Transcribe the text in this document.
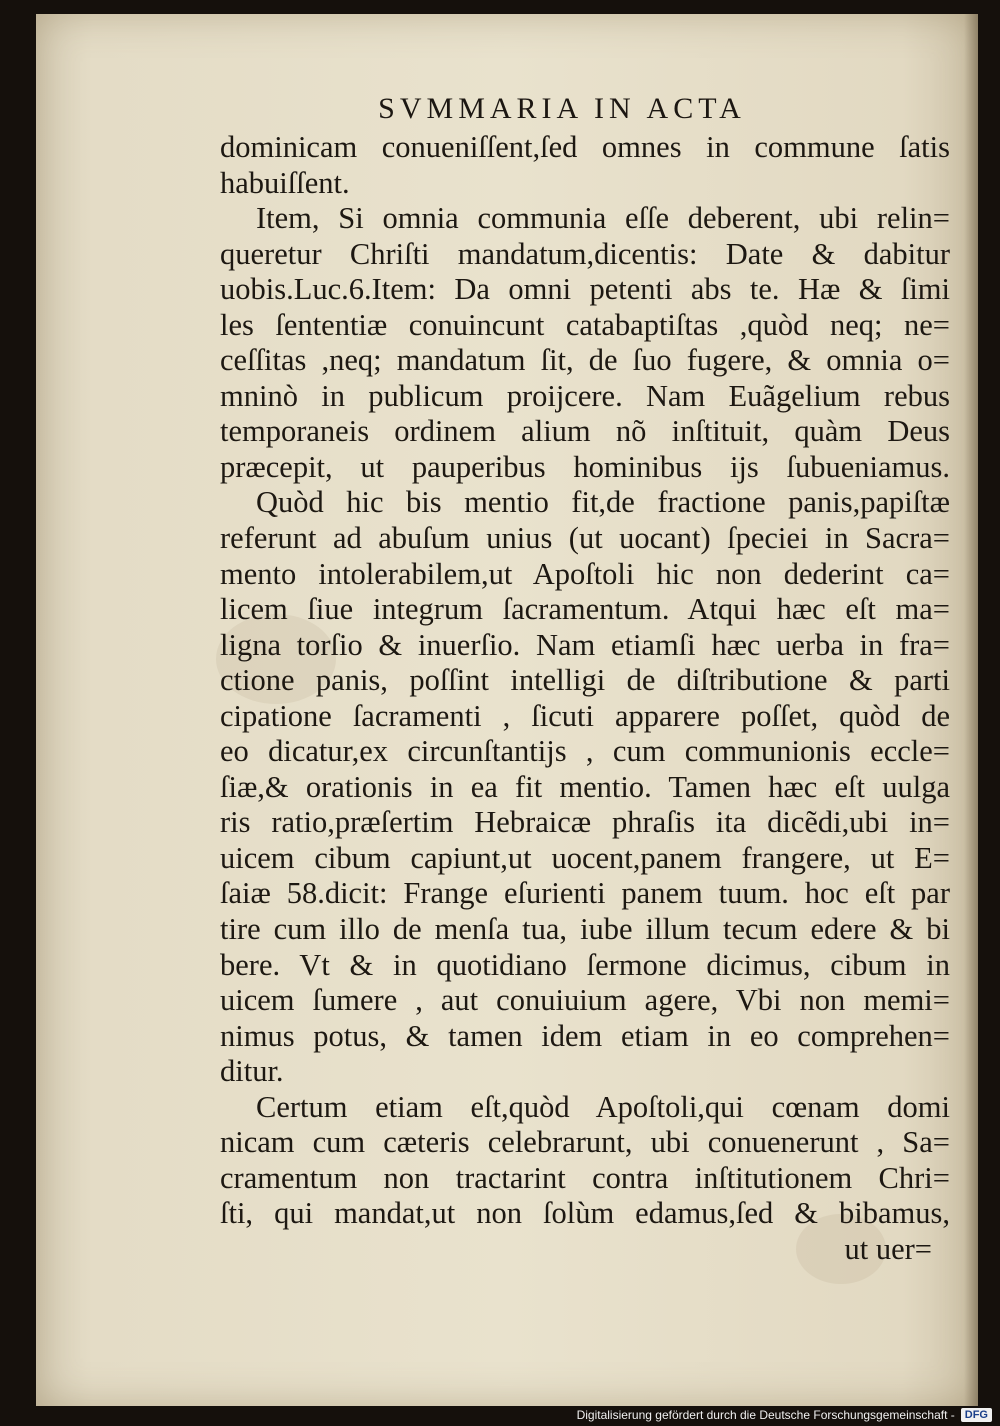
SVMMARIA IN ACTA
dominicam conueniſſent,ſed omnes in commune ſatis
habuiſſent.
Item, Si omnia communia eſſe deberent, ubi relin=
queretur Chriſti mandatum,dicentis: Date & dabitur
uobis.Luc.6.Item: Da omni petenti abs te. Hæ & ſimi
les ſententiæ conuincunt catabaptiſtas ,quòd neq; ne=
ceſſitas ,neq; mandatum ſit, de ſuo fugere, & omnia o=
mninò in publicum proijcere. Nam Euãgelium rebus
temporaneis ordinem alium nõ inſtituit, quàm Deus
præcepit, ut pauperibus hominibus ijs ſubueniamus.
Quòd hic bis mentio fit,de fractione panis,papiſtæ
referunt ad abuſum unius (ut uocant) ſpeciei in Sacra=
mento intolerabilem,ut Apoſtoli hic non dederint ca=
licem ſiue integrum ſacramentum. Atqui hæc eſt ma=
ligna torſio & inuerſio. Nam etiamſi hæc uerba in fra=
ctione panis, poſſint intelligi de diſtributione & parti
cipatione ſacramenti , ſicuti apparere poſſet, quòd de
eo dicatur,ex circunſtantijs , cum communionis eccle=
ſiæ,& orationis in ea fit mentio. Tamen hæc eſt uulga
ris ratio,præſertim Hebraicæ phraſis ita dicẽdi,ubi in=
uicem cibum capiunt,ut uocent,panem frangere, ut E=
ſaiæ 58.dicit: Frange eſurienti panem tuum. hoc eſt par
tire cum illo de menſa tua, iube illum tecum edere & bi
bere. Vt & in quotidiano ſermone dicimus, cibum in
uicem ſumere , aut conuiuium agere, Vbi non memi=
nimus potus, & tamen idem etiam in eo comprehen=
ditur.
Certum etiam eſt,quòd Apoſtoli,qui cœnam domi
nicam cum cæteris celebrarunt, ubi conuenerunt , Sa=
cramentum non tractarint contra inſtitutionem Chri=
ſti, qui mandat,ut non ſolùm edamus,ſed & bibamus,
ut uer=
Digitalisierung gefördert durch die Deutsche Forschungsgemeinschaft - DFG
